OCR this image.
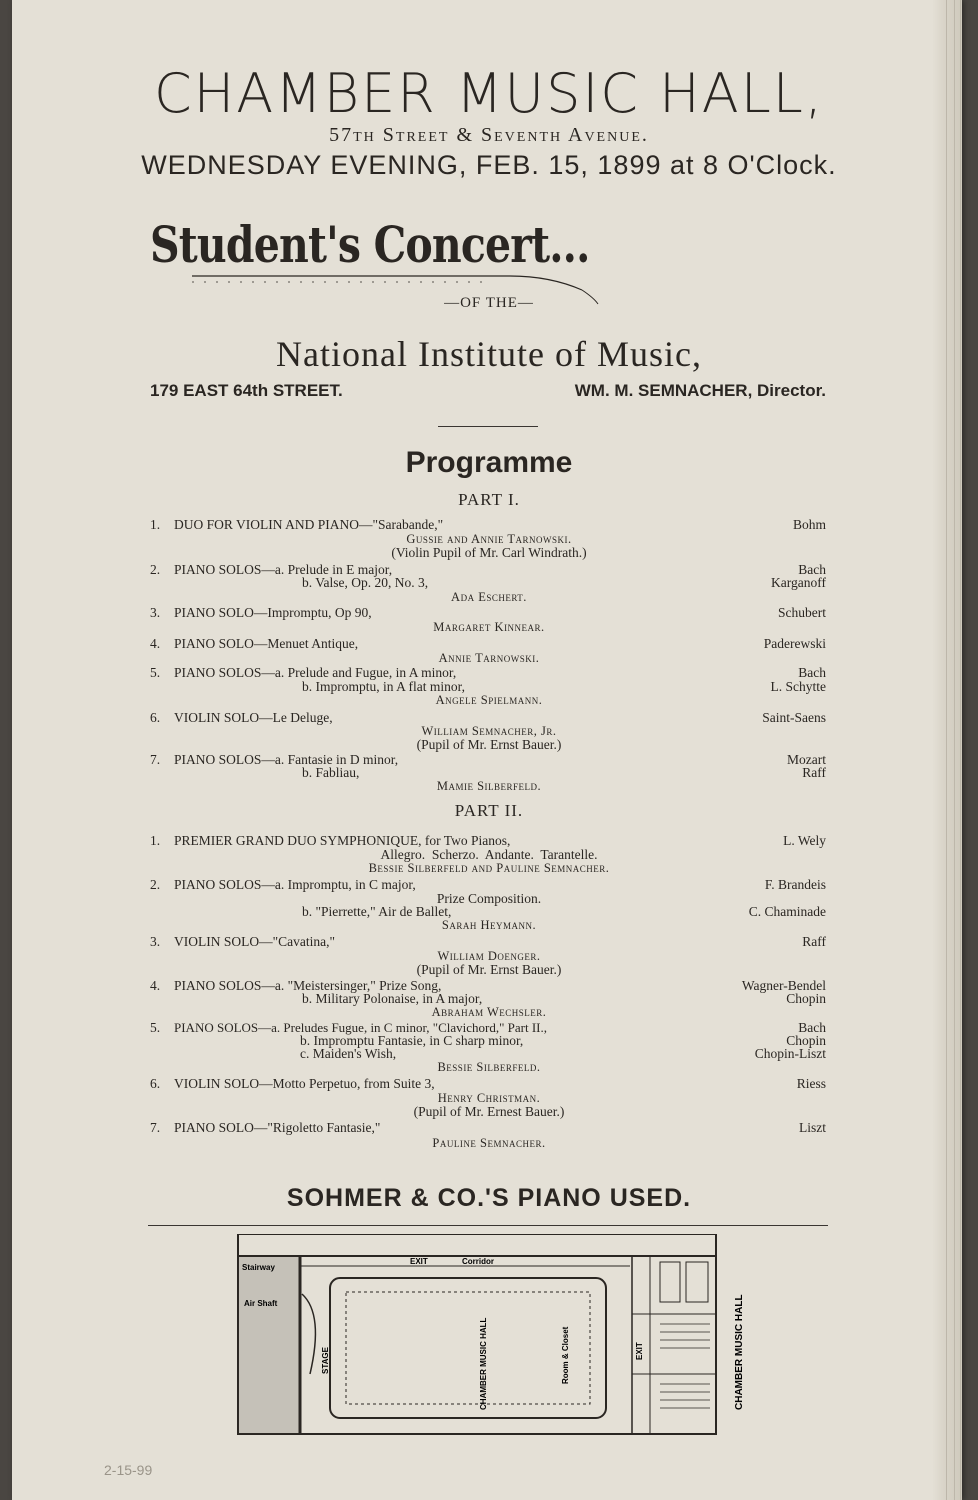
CHAMBER MUSIC HALL,
57th Street & Seventh Avenue.
WEDNESDAY EVENING, FEB. 15, 1899 at 8 O'Clock.
Student's Concert...
—OF THE—
National Institute of Music,
179 EAST 64th STREET.	WM. M. SEMNACHER, Director.
Programme
PART I.
1. DUO FOR VIOLIN AND PIANO—"Sarabande,"	Bohm
Gussie and Annie Tarnowski.
(Violin Pupil of Mr. Carl Windrath.)
2. PIANO SOLOS—a. Prelude in E major,	Bach
b. Valse, Op. 20, No. 3,	Karganoff
Ada Eschert.
3. PIANO SOLO—Impromptu, Op 90,	Schubert
Margaret Kinnear.
4. PIANO SOLO—Menuet Antique,	Paderewski
Annie Tarnowski.
5. PIANO SOLOS—a. Prelude and Fugue, in A minor,	Bach
b. Impromptu, in A flat minor,	L. Schytte
Angele Spielmann.
6. VIOLIN SOLO—Le Deluge,	Saint-Saens
William Semnacher, Jr.
(Pupil of Mr. Ernst Bauer.)
7. PIANO SOLOS—a. Fantasie in D minor,	Mozart
b. Fabliau,	Raff
Mamie Silberfeld.
PART II.
1. PREMIER GRAND DUO SYMPHONIQUE, for Two Pianos,	L. Wely
Allegro.  Scherzo.  Andante.  Tarantelle.
Bessie Silberfeld and Pauline Semnacher.
2. PIANO SOLOS—a. Impromptu, in C major,	F. Brandeis
Prize Composition.
b. "Pierrette," Air de Ballet,	C. Chaminade
Sarah Heymann.
3. VIOLIN SOLO—"Cavatina,"	Raff
William Doenger.
(Pupil of Mr. Ernst Bauer.)
4. PIANO SOLOS—a. "Meistersinger," Prize Song,	Wagner-Bendel
b. Military Polonaise, in A major,	Chopin
Abraham Wechsler.
5. PIANO SOLOS—a. Preludes Fugue, in C minor, "Clavichord," Part II.,	Bach
b. Impromptu Fantasie, in C sharp minor,	Chopin
c. Maiden's Wish,	Chopin-Liszt
Bessie Silberfeld.
6. VIOLIN SOLO—Motto Perpetuo, from Suite 3,	Riess
Henry Christman.
(Pupil of Mr. Ernest Bauer.)
7. PIANO SOLO—"Rigoletto Fantasie,"	Liszt
Pauline Semnacher.
SOHMER & CO.'S PIANO USED.
Stairway
EXIT	Corridor
Air Shaft
STAGE	CHAMBER MUSIC HALL	Room & Closet	EXIT	CHAMBER MUSIC HALL
2-15-99
